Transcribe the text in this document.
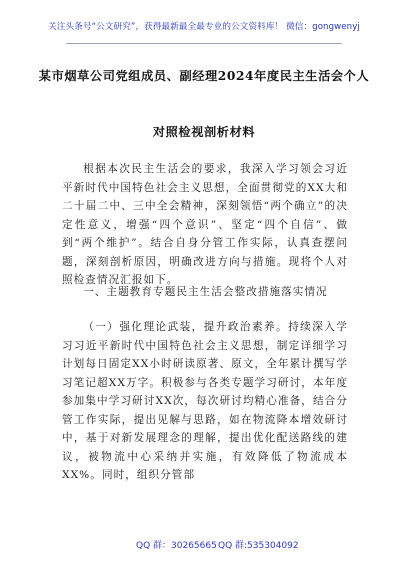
关注头条号“公文研究”，获得最新最全最专业的公文资料库！ 微信：gongwenyj
某市烟草公司党组成员、副经理2024年度民主生活会个人
对照检视剖析材料

根据本次民主生活会的要求，我深入学习领会习近平新时代中国特色社会主义思想，全面贯彻党的XX大和二十届二中、三中全会精神，深刻领悟“两个确立”的决定性意义，增强“四个意识”、坚定“四个自信”、做到“两个维护”。结合自身分管工作实际，认真查摆问题，深刻剖析原因，明确改进方向与措施。现将个人对照检查情况汇报如下。

一、主题教育专题民主生活会整改措施落实情况

（一）强化理论武装，提升政治素养。持续深入学习习近平新时代中国特色社会主义思想，制定详细学习计划每日固定XX小时研读原著、原文，全年累计撰写学习笔记超XX万字。积极参与各类专题学习研讨，本年度参加集中学习研讨XX次，每次研讨均精心准备，结合分管工作实际，提出见解与思路，如在物流降本增效研讨中，基于对新发展理念的理解，提出优化配送路线的建议，被物流中心采纳并实施，有效降低了物流成本XX%。同时，组织分管部

QQ 群：30265665 QQ 群:535304092
